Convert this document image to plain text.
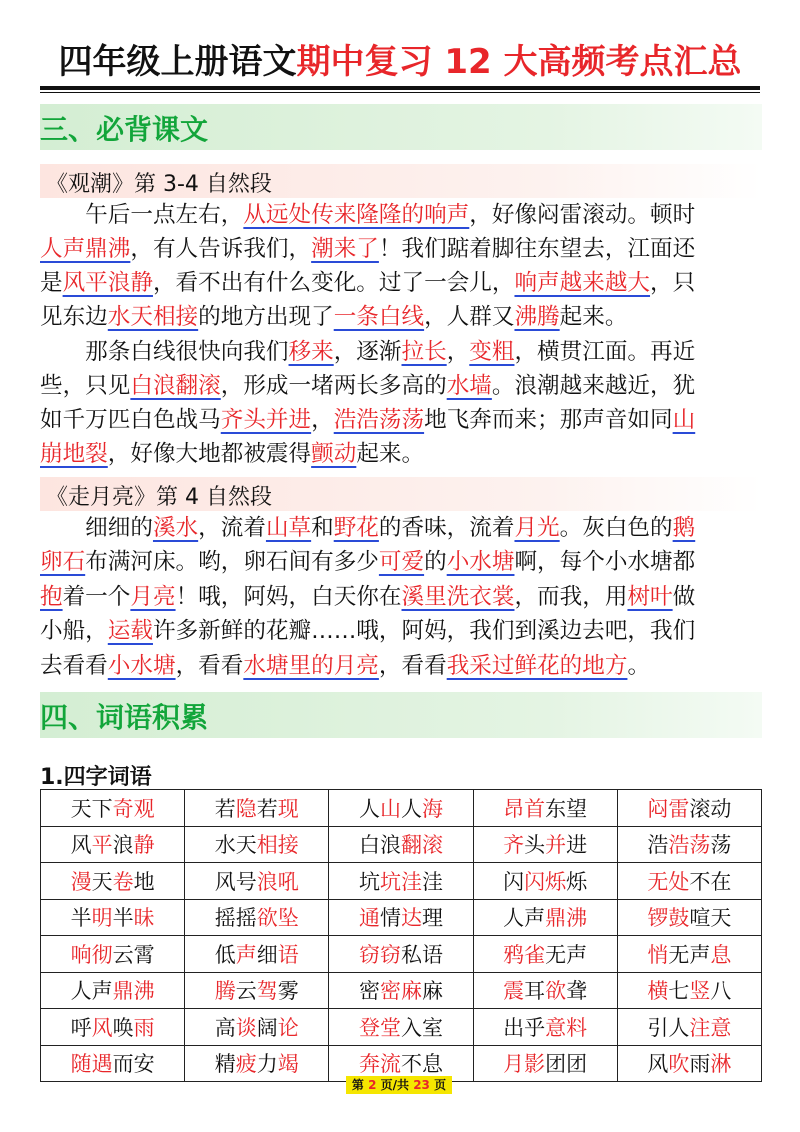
四年级上册语文期中复习 12 大高频考点汇总
三、必背课文
《观潮》第 3-4 自然段
　　午后一点左右，从远处传来隆隆的响声，好像闷雷滚动。顿时
人声鼎沸，有人告诉我们，潮来了！我们踮着脚往东望去，江面还
是风平浪静，看不出有什么变化。过了一会儿，响声越来越大，只
见东边水天相接的地方出现了一条白线，人群又沸腾起来。
　　那条白线很快向我们移来，逐渐拉长，变粗，横贯江面。再近
些，只见白浪翻滚，形成一堵两长多高的水墙。浪潮越来越近，犹
如千万匹白色战马齐头并进，浩浩荡荡地飞奔而来；那声音如同山
崩地裂，好像大地都被震得颤动起来。
《走月亮》第 4 自然段
　　细细的溪水，流着山草和野花的香味，流着月光。灰白色的鹅
卵石布满河床。哟，卵石间有多少可爱的小水塘啊，每个小水塘都
抱着一个月亮！哦，阿妈，白天你在溪里洗衣裳，而我，用树叶做
小船，运载许多新鲜的花瓣……哦，阿妈，我们到溪边去吧，我们
去看看小水塘，看看水塘里的月亮，看看我采过鲜花的地方。
四、词语积累
1.四字词语
天下奇观	若隐若现	人山人海	昂首东望	闷雷滚动
风平浪静	水天相接	白浪翻滚	齐头并进	浩浩荡荡
漫天卷地	风号浪吼	坑坑洼洼	闪闪烁烁	无处不在
半明半昧	摇摇欲坠	通情达理	人声鼎沸	锣鼓喧天
响彻云霄	低声细语	窃窃私语	鸦雀无声	悄无声息
人声鼎沸	腾云驾雾	密密麻麻	震耳欲聋	横七竖八
呼风唤雨	高谈阔论	登堂入室	出乎意料	引人注意
随遇而安	精疲力竭	奔流不息	月影团团	风吹雨淋
第 2 页/共 23 页
